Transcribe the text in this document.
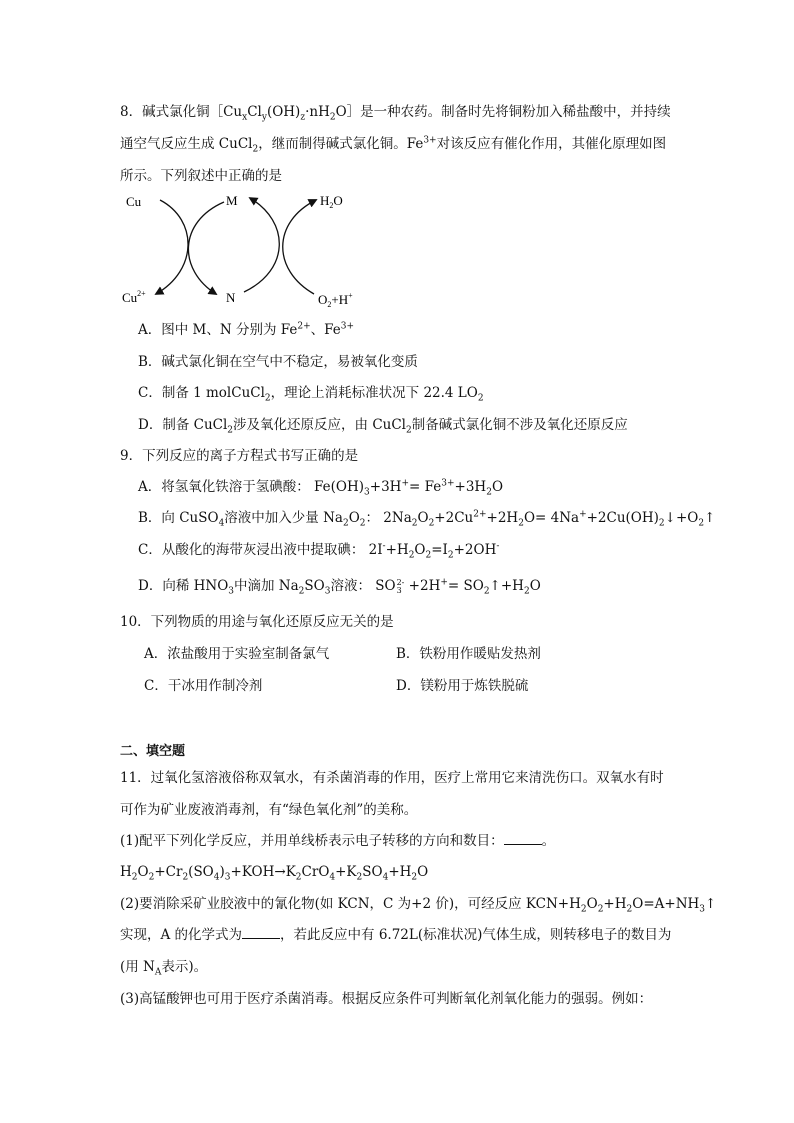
8．碱式氯化铜$[Cu_xCl_y(OH)_z\cdot nH_2O]$是一种农药。制备时先将铜粉加入稀盐酸中，并持续
通空气反应生成 CuCl$_2$，继而制得碱式氯化铜。$Fe^{3+}$对该反应有催化作用，其催化原理如图
所示。下列叙述中正确的是
Cu
$Cu^{2+}$
M
N
$H_2O$
$O_2+H^+$
A．图中 M、N 分别为 $Fe^{2+}$、$Fe^{3+}$
B．碱式氯化铜在空气中不稳定，易被氧化变质
C．制备 1 molCuCl$_2$，理论上消耗标准状况下 22.4 $LO_2$
D．制备 CuCl$_2$涉及氧化还原反应，由 CuCl$_2$制备碱式氯化铜不涉及氧化还原反应
9．下列反应的离子方程式书写正确的是
A．将氢氧化铁溶于氢碘酸： $Fe(OH)_3+3H^+= Fe^{3+}+3H_2O$
B．向 CuSO$_4$溶液中加入少量 $Na_2O_2$： $2Na_2O_2+2Cu^{2+}+2H_2O=$ $4Na^++2Cu(OH)_2↓+O_2↑$
C．从酸化的海带灰浸出液中提取碘： $2I^-+H_2O_2=I_2+2OH^-$
D．向稀 $HNO_3$中滴加 $Na_2SO_3$溶液： SO 2-
$3 +2H^+= SO_2↑+H_2O$
10．下列物质的用途与氧化还原反应无关的是
A．浓盐酸用于实验室制备氯气	B．铁粉用作暖贴发热剂
C．干冰用作制冷剂	D．镁粉用于炼铁脱硫
二、填空题
11．过氧化氢溶液俗称双氧水，有杀菌消毒的作用，医疗上常用它来清洗伤口。双氧水有时
可作为矿业废液消毒剂，有“绿色氧化剂”的美称。
(1)配平下列化学反应，并用单线桥表示电子转移的方向和数目：	。
$H_2O_2+Cr_2(SO_4)_3+KOH\to K_2CrO_4+K_2SO_4+H_2O$
(2)要消除采矿业胶液中的氰化物(如 KCN，C 为+2 价)，可经反应 $KCN+H_2O_2+H_2O=A+NH_3↑$
实现，A 的化学式为	，若此反应中有 6.72L(标准状况)气体生成，则转移电子的数目为
(用 $N_A$表示)。
(3)高锰酸钾也可用于医疗杀菌消毒。根据反应条件可判断氧化剂氧化能力的强弱。例如：
